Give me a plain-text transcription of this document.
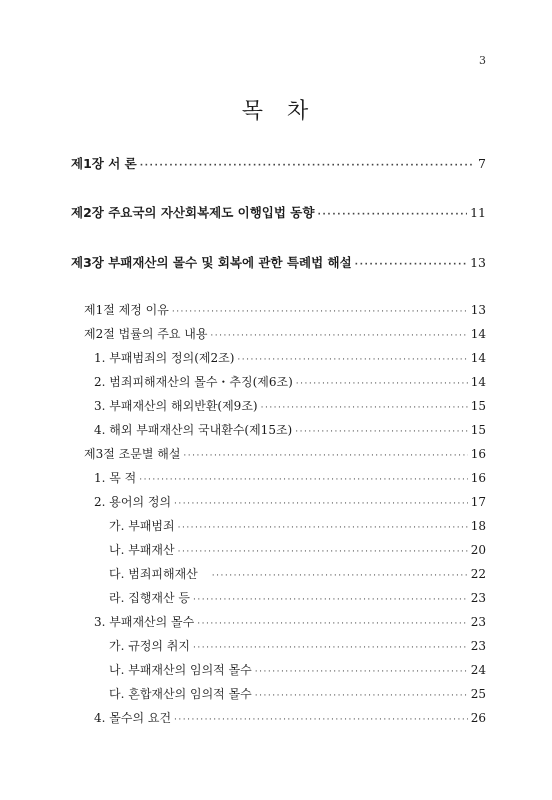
3
목 차
제1장 서 론 ·····	7
제2장 주요국의 자산회복제도 이행입법 동향 ·····	11
제3장 부패재산의 몰수 및 회복에 관한 특례법 해설 ·····	13
제1절 제정 이유 ·····	13
제2절 법률의 주요 내용 ·····	14
1. 부패범죄의 정의(제2조) ·····	14
2. 범죄피해재산의 몰수・추징(제6조) ·····	14
3. 부패재산의 해외반환(제9조) ·····	15
4. 해외 부패재산의 국내환수(제15조) ·····	15
제3절 조문별 해설 ·····	16
1. 목 적 ·····	16
2. 용어의 정의 ·····	17
가. 부패범죄 ·····	18
나. 부패재산 ·····	20
다. 범죄피해재산 ·····	22
라. 집행재산 등 ·····	23
3. 부패재산의 몰수 ·····	23
가. 규정의 취지 ·····	23
나. 부패재산의 임의적 몰수 ·····	24
다. 혼합재산의 임의적 몰수 ·····	25
4. 몰수의 요건 ·····	26
